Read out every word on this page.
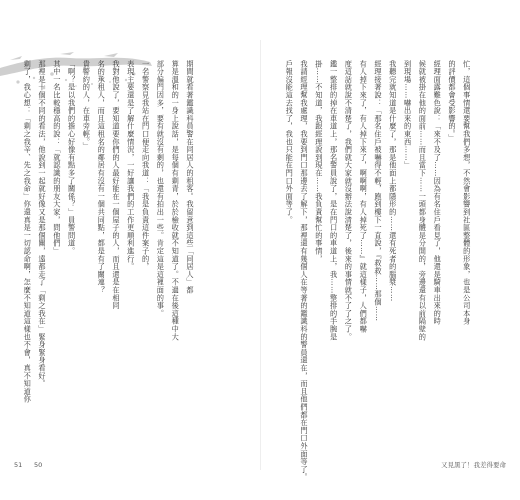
期間就看著鑑識科員警在同居人的租客。我留意到這些「同居人」都
算是溫和的一身上說話，是每個有剩青，於於檢收就不知道了。不過在後這種中大
部分偏門因多，要有就沒有剩的，也還有拍出一些。肯定這是這裡面的事。
一名警察見我站在門口便走向我道：「我是負責這件案子的，
表現主要還是了解什麼情況，一好讓我們的工作更順利進行。
我對他說了，要知道要你們的人最好能在一個屋子的人，而且還是在相同
名的承租人，而且這租名的鄰居有沒有一個共同點，都是有了關連？
貴警約的人，在車旁輕。」
「啊？是以我們的擔心好像有點多了關係？」員警問道。
其中一名比較穩高的說：「就認識的朋友大家，問他們」
那裡是十個不同的看法，他說到一起就好像又是那個關，遠都走了「剩之我在」緊身緊身看好。
剩了，我心想：「剩之我辛、先之我命」你還真是一切認命啊，怎麼不知道這樣也不會，真不知道你
51 50
忙，這個事情還要幫我們多想，不然會影響到社區整體的形象，也是公司本身
的評價都會受影響的。」
經理面露難色說：「來不及了……因為有名住戶看見了，他還是騎車出來的時
候就被掛在他的面前……而且當下……一頭都身體是分開的，旁邊還有以前隔壁的
到現場……嚇出來的東西……」
我聽完就知道是什麼了，那是他面上都隱形的……還有死者的腦漿……
經理接著說：「那名住戶被嚇得不輕，跑到樓下一直說，『救救……那個……
有人掉下來了，有人掉下來了，啊啊啊，有人掉死了……』就這樣子，人們都嚇
度這話就說不清楚了，我們就大家就沒辦法說清楚了，後來的事情就不了了之了。
鑑一整排的掉在車道上，那名警員說了，是在門口的車道上，我……整排的手腕是
掛……不知道，我跟經理說到現在……我負責幫忙的事情，
我請經理幫我處理，我要到門口那邊去了解下，那裡還有幾個人在等著的鑑識科的警員還在，而且他們都在門口外面等了。
戶報沒能這去找了，我也只能在門口外面等了。
又見黑了！我差得要命
